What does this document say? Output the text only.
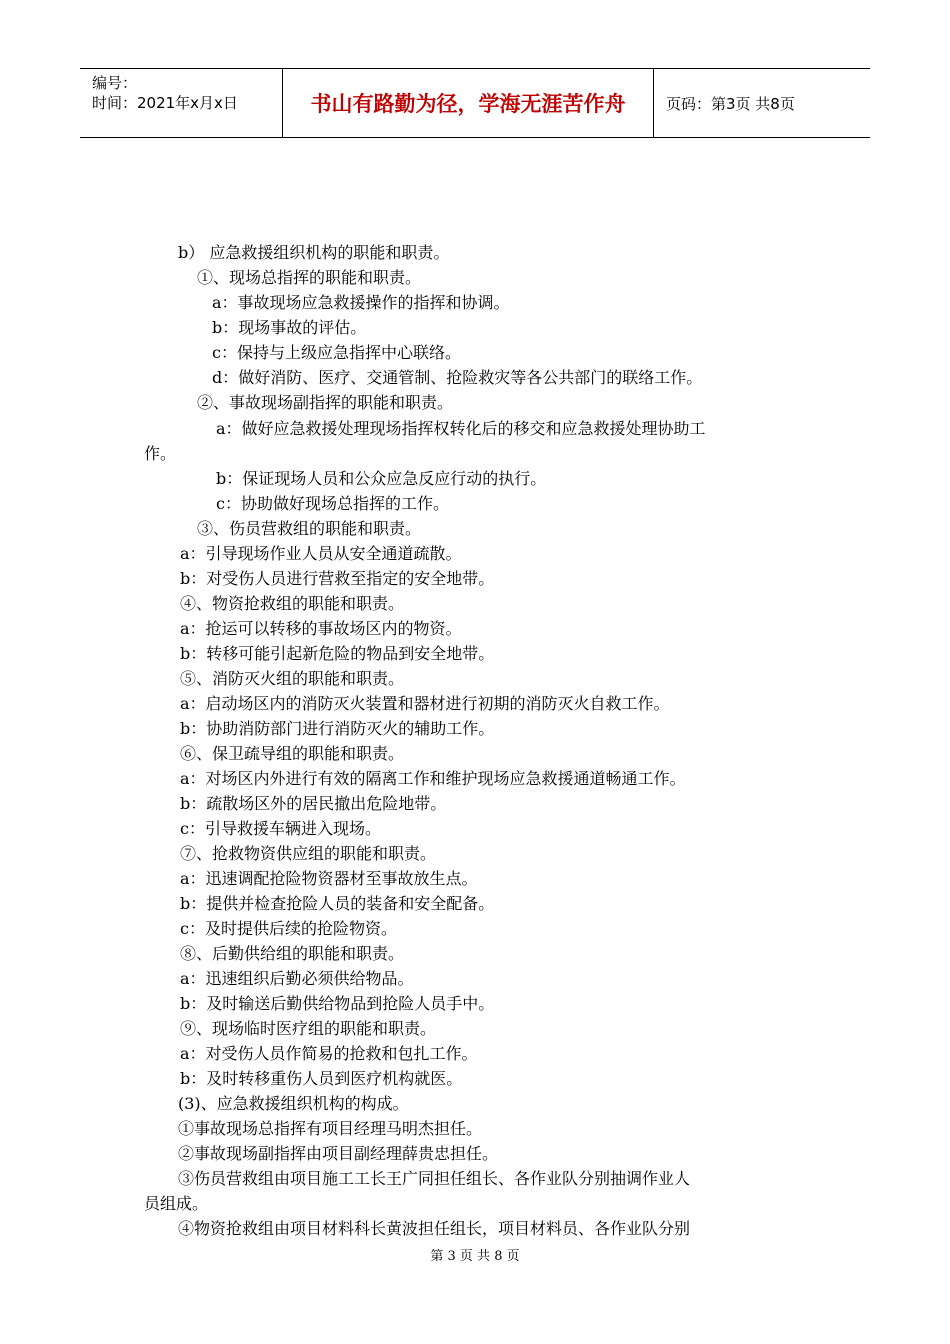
编号：
时间：2021年x月x日	书山有路勤为径，学海无涯苦作舟	页码：第3页 共8页
b） 应急救援组织机构的职能和职责。
①、现场总指挥的职能和职责。
a：事故现场应急救援操作的指挥和协调。
b：现场事故的评估。
c：保持与上级应急指挥中心联络。
d：做好消防、医疗、交通管制、抢险救灾等各公共部门的联络工作。
②、事故现场副指挥的职能和职责。
a：做好应急救援处理现场指挥权转化后的移交和应急救援处理协助工
作。
b：保证现场人员和公众应急反应行动的执行。
c：协助做好现场总指挥的工作。
③、伤员营救组的职能和职责。
a：引导现场作业人员从安全通道疏散。
b：对受伤人员进行营救至指定的安全地带。
④、物资抢救组的职能和职责。
a：抢运可以转移的事故场区内的物资。
b：转移可能引起新危险的物品到安全地带。
⑤、消防灭火组的职能和职责。
a：启动场区内的消防灭火装置和器材进行初期的消防灭火自救工作。
b：协助消防部门进行消防灭火的辅助工作。
⑥、保卫疏导组的职能和职责。
a：对场区内外进行有效的隔离工作和维护现场应急救援通道畅通工作。
b：疏散场区外的居民撤出危险地带。
c：引导救援车辆进入现场。
⑦、抢救物资供应组的职能和职责。
a：迅速调配抢险物资器材至事故放生点。
b：提供并检查抢险人员的装备和安全配备。
c：及时提供后续的抢险物资。
⑧、后勤供给组的职能和职责。
a：迅速组织后勤必须供给物品。
b：及时输送后勤供给物品到抢险人员手中。
⑨、现场临时医疗组的职能和职责。
a：对受伤人员作简易的抢救和包扎工作。
b：及时转移重伤人员到医疗机构就医。
(3)、应急救援组织机构的构成。
①事故现场总指挥有项目经理马明杰担任。
②事故现场副指挥由项目副经理薛贵忠担任。
③伤员营救组由项目施工工长王广同担任组长、各作业队分别抽调作业人
员组成。
④物资抢救组由项目材料科长黄波担任组长，项目材料员、各作业队分别
第 3 页 共 8 页
